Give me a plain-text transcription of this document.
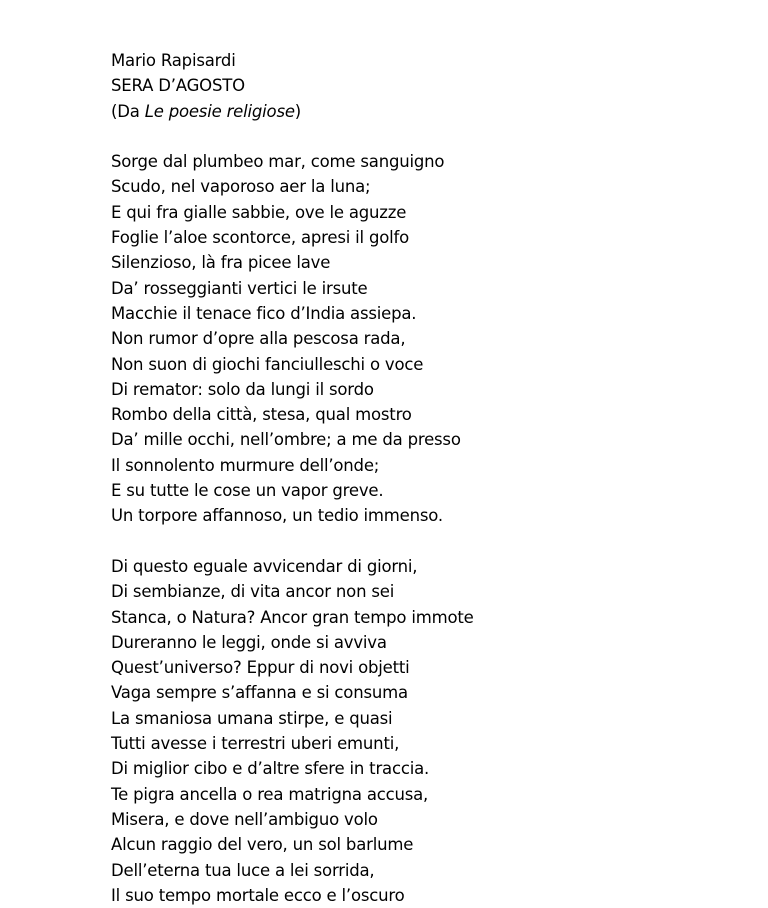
Mario Rapisardi
SERA D’AGOSTO
(Da Le poesie religiose)
Sorge dal plumbeo mar, come sanguigno
Scudo, nel vaporoso aer la luna;
E qui fra gialle sabbie, ove le aguzze
Foglie l’aloe scontorce, apresi il golfo
Silenzioso, là fra picee lave
Da’ rosseggianti vertici le irsute
Macchie il tenace fico d’India assiepa.
Non rumor d’opre alla pescosa rada,
Non suon di giochi fanciulleschi o voce
Di remator: solo da lungi il sordo
Rombo della città, stesa, qual mostro
Da’ mille occhi, nell’ombre; a me da presso
Il sonnolento murmure dell’onde;
E su tutte le cose un vapor greve.
Un torpore affannoso, un tedio immenso.
Di questo eguale avvicendar di giorni,
Di sembianze, di vita ancor non sei
Stanca, o Natura? Ancor gran tempo immote
Dureranno le leggi, onde si avviva
Quest’universo? Eppur di novi objetti
Vaga sempre s’affanna e si consuma
La smaniosa umana stirpe, e quasi
Tutti avesse i terrestri uberi emunti,
Di miglior cibo e d’altre sfere in traccia.
Te pigra ancella o rea matrigna accusa,
Misera, e dove nell’ambiguo volo
Alcun raggio del vero, un sol barlume
Dell’eterna tua luce a lei sorrida,
Il suo tempo mortale ecco e l’oscuro
